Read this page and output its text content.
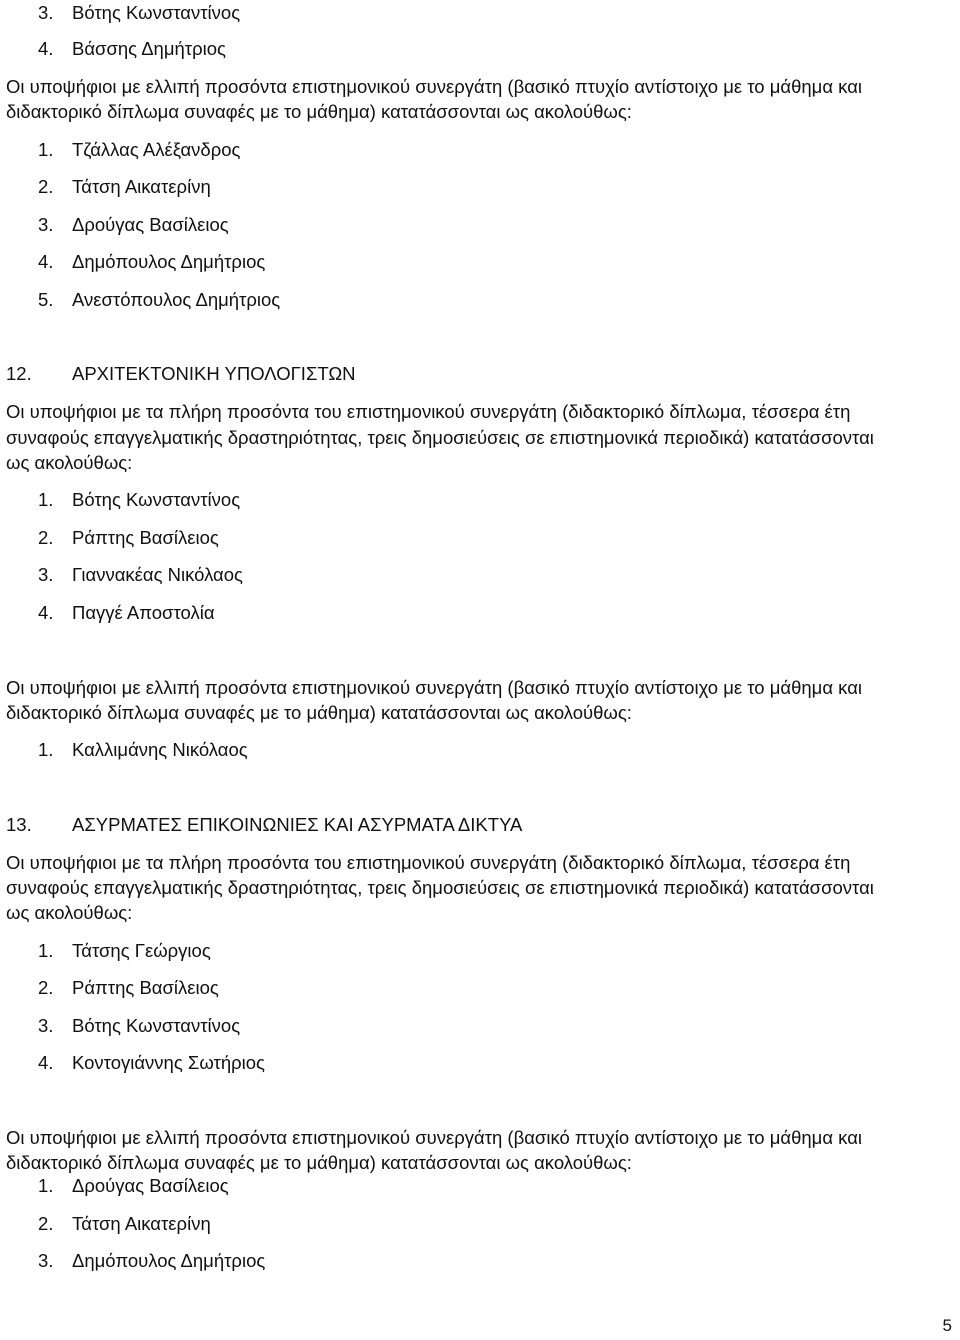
3. Βότης Κωνσταντίνος
4. Βάσσης Δημήτριος
Οι υποψήφιοι με ελλιπή προσόντα επιστημονικού συνεργάτη (βασικό πτυχίο αντίστοιχο με το μάθημα και
διδακτορικό δίπλωμα συναφές με το μάθημα) κατατάσσονται ως ακολούθως:
1. Τζάλλας Αλέξανδρος
2. Τάτση Αικατερίνη
3. Δρούγας Βασίλειος
4. Δημόπουλος Δημήτριος
5. Ανεστόπουλος Δημήτριος
12. ΑΡΧΙΤΕΚΤΟΝΙΚΗ ΥΠΟΛΟΓΙΣΤΩΝ
Οι υποψήφιοι με τα πλήρη προσόντα του επιστημονικού συνεργάτη (διδακτορικό δίπλωμα, τέσσερα έτη
συναφούς επαγγελματικής δραστηριότητας, τρεις δημοσιεύσεις σε επιστημονικά περιοδικά) κατατάσσονται
ως ακολούθως:
1. Βότης Κωνσταντίνος
2. Ράπτης Βασίλειος
3. Γιαννακέας Νικόλαος
4. Παγγέ Αποστολία
Οι υποψήφιοι με ελλιπή προσόντα επιστημονικού συνεργάτη (βασικό πτυχίο αντίστοιχο με το μάθημα και
διδακτορικό δίπλωμα συναφές με το μάθημα) κατατάσσονται ως ακολούθως:
1. Καλλιμάνης Νικόλαος
13. ΑΣΥΡΜΑΤΕΣ ΕΠΙΚΟΙΝΩΝΙΕΣ ΚΑΙ ΑΣΥΡΜΑΤΑ ΔΙΚΤΥΑ
Οι υποψήφιοι με τα πλήρη προσόντα του επιστημονικού συνεργάτη (διδακτορικό δίπλωμα, τέσσερα έτη
συναφούς επαγγελματικής δραστηριότητας, τρεις δημοσιεύσεις σε επιστημονικά περιοδικά) κατατάσσονται
ως ακολούθως:
1. Τάτσης Γεώργιος
2. Ράπτης Βασίλειος
3. Βότης Κωνσταντίνος
4. Κοντογιάννης Σωτήριος
Οι υποψήφιοι με ελλιπή προσόντα επιστημονικού συνεργάτη (βασικό πτυχίο αντίστοιχο με το μάθημα και
διδακτορικό δίπλωμα συναφές με το μάθημα) κατατάσσονται ως ακολούθως:
1. Δρούγας Βασίλειος
2. Τάτση Αικατερίνη
3. Δημόπουλος Δημήτριος
5
